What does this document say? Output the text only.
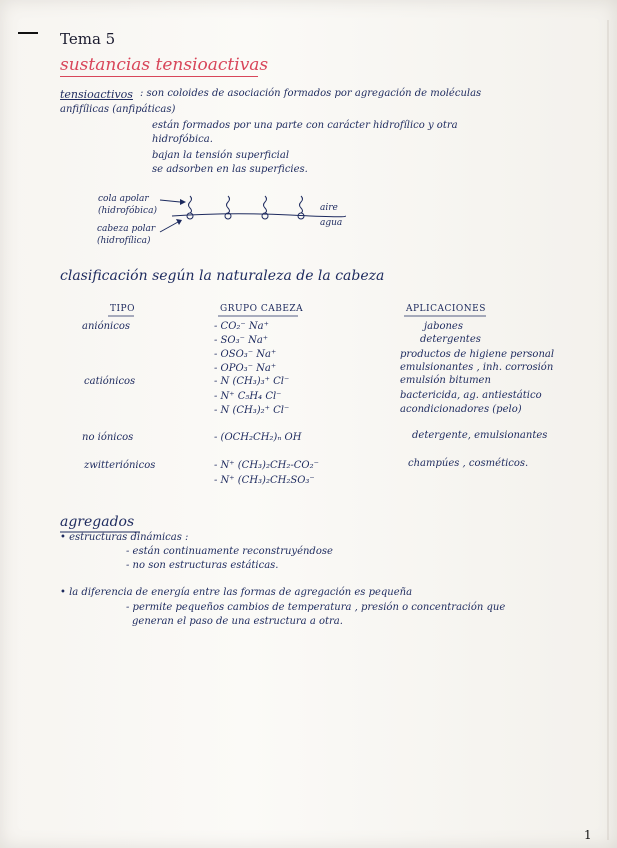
Tema 5
sustancias tensioactivas
tensioactivos : son coloides de asociación formados por agregación de moléculas
anfifílicas (anfipáticas)
están formados por una parte con carácter hidrofílico y otra
hidrofóbica.
bajan la tensión superficial
se adsorben en las superficies.
cola apolar
(hidrofóbica)
cabeza polar
(hidrofílica)
aire
agua
clasificación según la naturaleza de la cabeza
TIPO	GRUPO CABEZA	APLICACIONES
aniónicos	- CO₂⁻ Na⁺	jabones
- SO₃⁻ Na⁺	detergentes
- OSO₃⁻ Na⁺	productos de higiene personal
- OPO₃⁻ Na⁺	emulsionantes , inh. corrosión
catiónicos	- N (CH₃)₃⁺ Cl⁻	emulsión bitumen
- N⁺ C₅H₄ Cl⁻	bactericida, ag. antiestático
- N (CH₃)₂⁺ Cl⁻	acondicionadores (pelo)
no iónicos	- (OCH₂CH₂)ₙ OH	detergente, emulsionantes
zwitteriónicos	- N⁺ (CH₃)₂CH₂-CO₂⁻	champúes , cosméticos.
- N⁺ (CH₃)₂CH₂SO₃⁻
agregados
• estructuras dinámicas :
- están continuamente reconstruyéndose
- no son estructuras estáticas.
• la diferencia de energía entre las formas de agregación es pequeña
- permite pequeños cambios de temperatura , presión o concentración que
generan el paso de una estructura a otra.
1
